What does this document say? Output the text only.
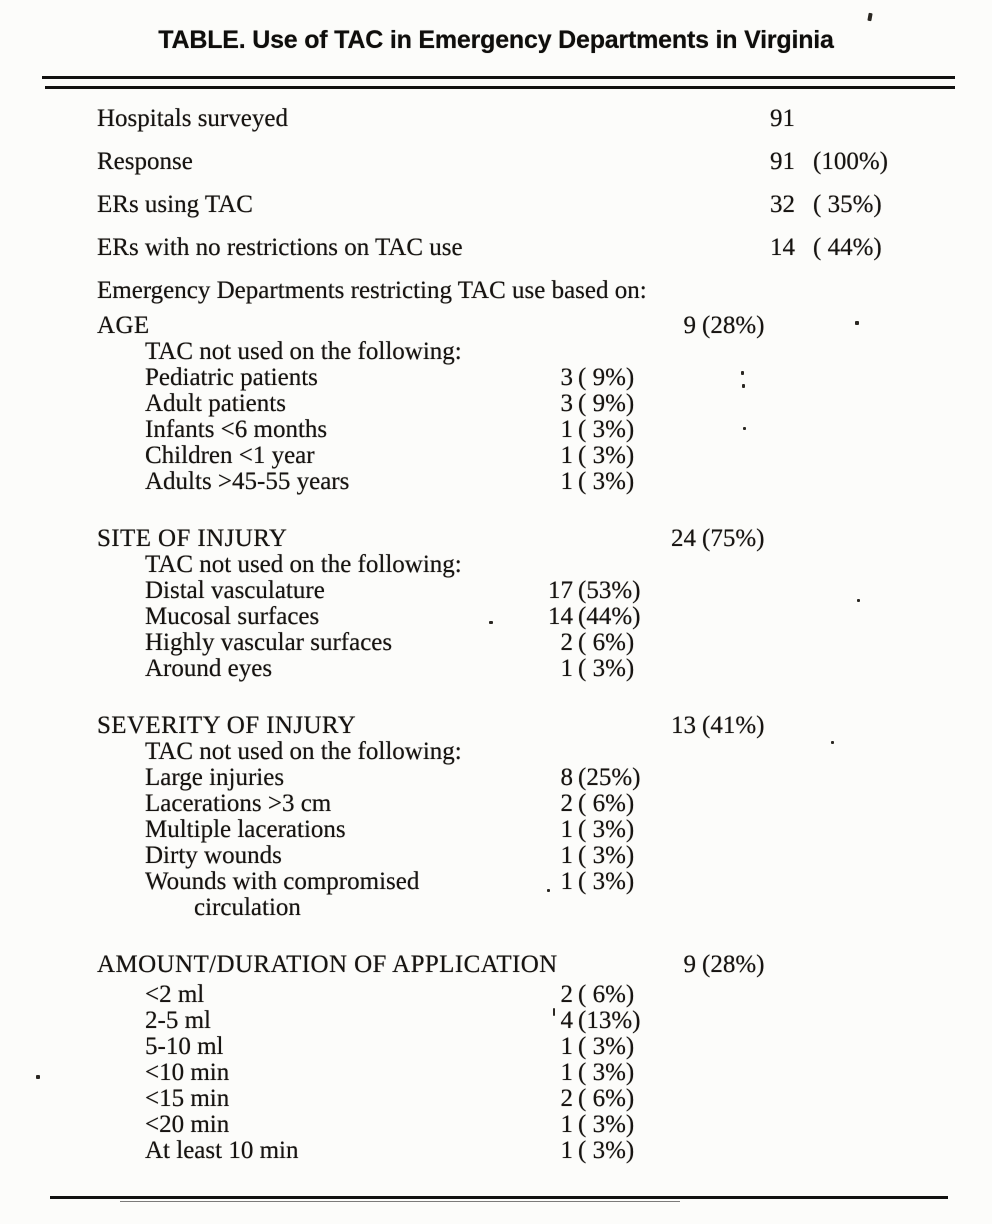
TABLE. Use of TAC in Emergency Departments in Virginia
Hospitals surveyed	91
Response	91 (100%)
ERs using TAC	32 ( 35%)
ERs with no restrictions on TAC use	14 ( 44%)
Emergency Departments restricting TAC use based on:
AGE	9 (28%)
TAC not used on the following:
Pediatric patients	3 ( 9%)
Adult patients	3 ( 9%)
Infants <6 months	1 ( 3%)
Children <1 year	1 ( 3%)
Adults >45-55 years	1 ( 3%)
SITE OF INJURY	24 (75%)
TAC not used on the following:
Distal vasculature	17 (53%)
Mucosal surfaces	14 (44%)
Highly vascular surfaces	2 ( 6%)
Around eyes	1 ( 3%)
SEVERITY OF INJURY	13 (41%)
TAC not used on the following:
Large injuries	8 (25%)
Lacerations >3 cm	2 ( 6%)
Multiple lacerations	1 ( 3%)
Dirty wounds	1 ( 3%)
Wounds with compromised	1 ( 3%)
circulation
AMOUNT/DURATION OF APPLICATION	9 (28%)
<2 ml	2 ( 6%)
2-5 ml	4 (13%)
5-10 ml	1 ( 3%)
<10 min	1 ( 3%)
<15 min	2 ( 6%)
<20 min	1 ( 3%)
At least 10 min	1 ( 3%)
